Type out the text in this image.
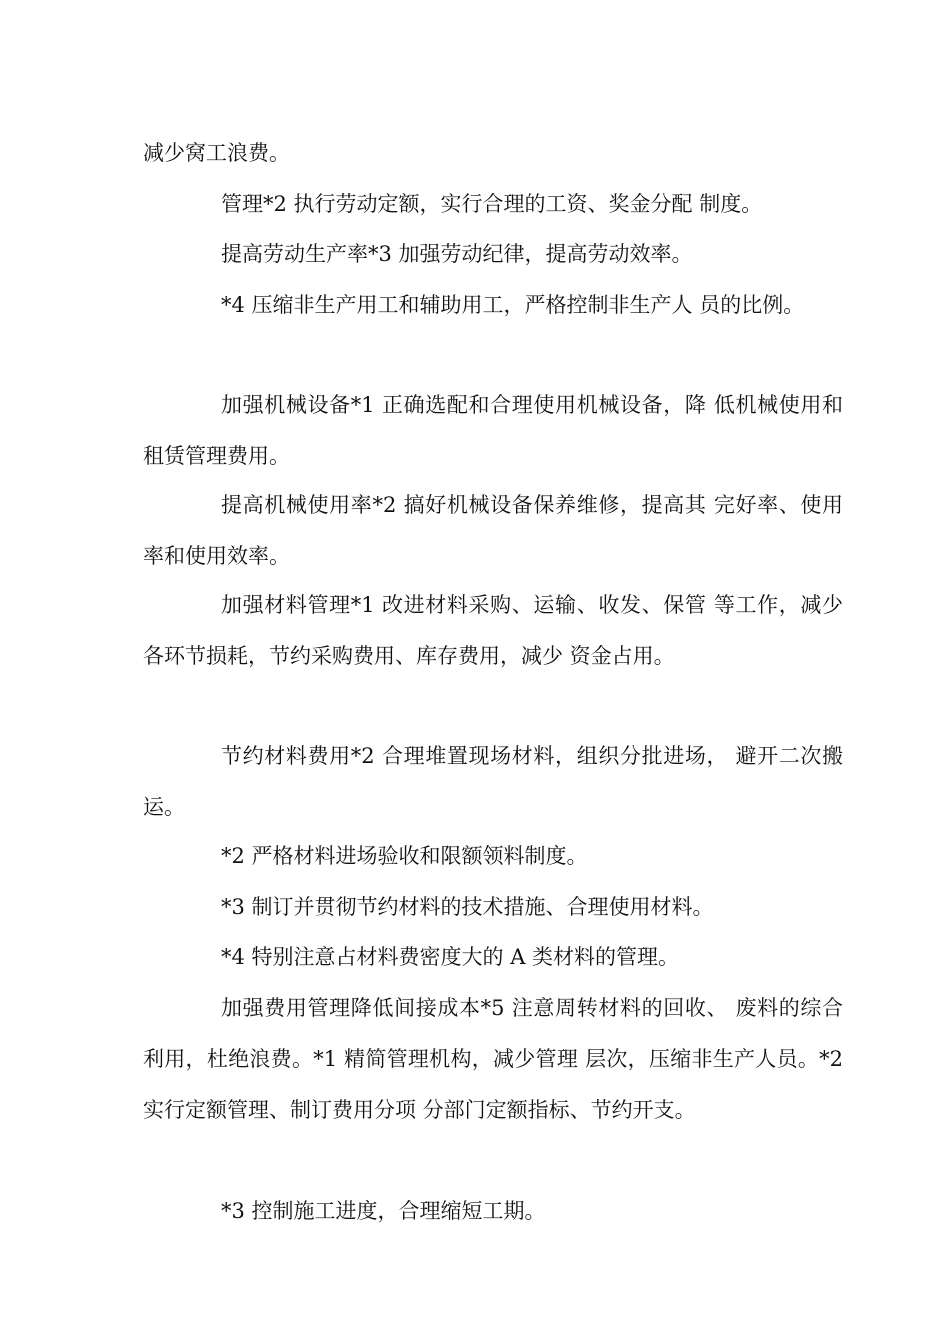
减少窝工浪费。

管理*2 执行劳动定额，实行合理的工资、奖金分配 制度。

提高劳动生产率*3 加强劳动纪律，提高劳动效率。

*4 压缩非生产用工和辅助用工，严格控制非生产人 员的比例。

加强机械设备*1 正确选配和合理使用机械设备，降 低机械使用和租赁管理费用。

提高机械使用率*2 搞好机械设备保养维修，提高其 完好率、使用率和使用效率。

加强材料管理*1 改进材料采购、运输、收发、保管 等工作，减少各环节损耗，节约采购费用、库存费用，减少 资金占用。

节约材料费用*2 合理堆置现场材料，组织分批进场， 避开二次搬运。

*2 严格材料进场验收和限额领料制度。

*3 制订并贯彻节约材料的技术措施、合理使用材料。

*4 特别注意占材料费密度大的 A 类材料的管理。

加强费用管理降低间接成本*5 注意周转材料的回收、 废料的综合利用，杜绝浪费。*1 精简管理机构，减少管理 层次，压缩非生产人员。*2 实行定额管理、制订费用分项 分部门定额指标、节约开支。

*3 控制施工进度，合理缩短工期。
